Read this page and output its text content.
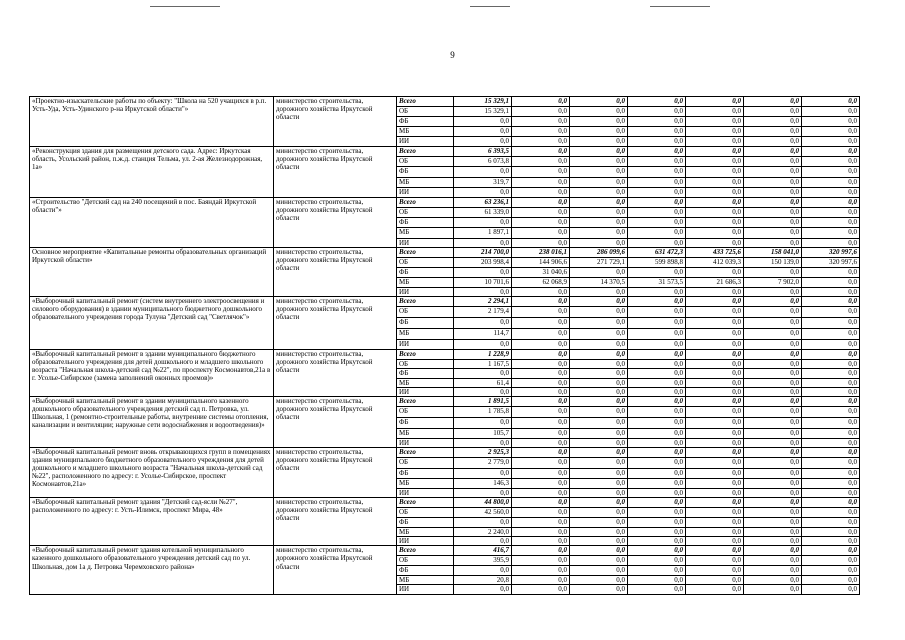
9
«Проектно-изыскательские работы по объекту: "Школа на 520 учащихся в р.п. Усть-Уда, Усть-Удинского р-на Иркутской области"»	министерство строительства, дорожного хозяйства Иркутской области	Всего	15 329,1	0,0	0,0	0,0	0,0	0,0	0,0
		ОБ	15 329,1	0,0	0,0	0,0	0,0	0,0	0,0
		ФБ	0,0	0,0	0,0	0,0	0,0	0,0	0,0
		МБ	0,0	0,0	0,0	0,0	0,0	0,0	0,0
		ИИ	0,0	0,0	0,0	0,0	0,0	0,0	0,0

«Реконструкция здания для размещения детского сада. Адрес: Иркутская область, Усольский район, п.ж.д. станция Тельма, ул. 2-ая Железнодорожная, 1а»	министерство строительства, дорожного хозяйства Иркутской области	Всего	6 393,5	0,0	0,0	0,0	0,0	0,0	0,0
		ОБ	6 073,8	0,0	0,0	0,0	0,0	0,0	0,0
		ФБ	0,0	0,0	0,0	0,0	0,0	0,0	0,0
		МБ	319,7	0,0	0,0	0,0	0,0	0,0	0,0
		ИИ	0,0	0,0	0,0	0,0	0,0	0,0	0,0

«Строительство "Детский сад на 240 посещений в пос. Баяндай Иркутской области"»	министерство строительства, дорожного хозяйства Иркутской области	Всего	63 236,1	0,0	0,0	0,0	0,0	0,0	0,0
		ОБ	61 339,0	0,0	0,0	0,0	0,0	0,0	0,0
		ФБ	0,0	0,0	0,0	0,0	0,0	0,0	0,0
		МБ	1 897,1	0,0	0,0	0,0	0,0	0,0	0,0
		ИИ	0,0	0,0	0,0	0,0	0,0	0,0	0,0

Основное мероприятие «Капитальные ремонты образовательных организаций Иркутской области»	министерство строительства, дорожного хозяйства Иркутской области	Всего	214 700,0	238 016,1	286 099,6	631 472,3	433 725,6	158 041,0	320 997,6
		ОБ	203 998,4	144 906,6	271 729,1	599 898,8	412 039,3	150 139,0	320 997,6
		ФБ	0,0	31 040,6	0,0	0,0	0,0	0,0	0,0
		МБ	10 701,6	62 068,9	14 370,5	31 573,5	21 686,3	7 902,0	0,0
		ИИ	0,0	0,0	0,0	0,0	0,0	0,0	0,0

«Выборочный капитальный ремонт (систем внутреннего электроосвещения и силового оборудования) в здании муниципального бюджетного дошкольного образовательного учреждения города Тулуна "Детский сад "Светлячок"»	министерство строительства, дорожного хозяйства Иркутской области	Всего	2 294,1	0,0	0,0	0,0	0,0	0,0	0,0
		ОБ	2 179,4	0,0	0,0	0,0	0,0	0,0	0,0
		ФБ	0,0	0,0	0,0	0,0	0,0	0,0	0,0
		МБ	114,7	0,0	0,0	0,0	0,0	0,0	0,0
		ИИ	0,0	0,0	0,0	0,0	0,0	0,0	0,0

«Выборочный капитальный ремонт в здании муниципального бюджетного образовательного учреждения для детей дошкольного и младшего школьного возраста "Начальная школа-детский сад №22", по проспекту Космонавтов,21а в г. Усолье-Сибирское (замена заполнений оконных проемов)»	министерство строительства, дорожного хозяйства Иркутской области	Всего	1 228,9	0,0	0,0	0,0	0,0	0,0	0,0
		ОБ	1 167,5	0,0	0,0	0,0	0,0	0,0	0,0
		ФБ	0,0	0,0	0,0	0,0	0,0	0,0	0,0
		МБ	61,4	0,0	0,0	0,0	0,0	0,0	0,0
		ИИ	0,0	0,0	0,0	0,0	0,0	0,0	0,0

«Выборочный капитальный ремонт в здании муниципального казенного дошкольного образовательного учреждения детский сад п. Петровка, ул. Школьная, 1 (ремонтно-строительные работы, внутренние системы отопления, канализации и вентиляции; наружные сети водоснабжения и водоотведения)»	министерство строительства, дорожного хозяйства Иркутской области	Всего	1 891,5	0,0	0,0	0,0	0,0	0,0	0,0
		ОБ	1 785,8	0,0	0,0	0,0	0,0	0,0	0,0
		ФБ	0,0	0,0	0,0	0,0	0,0	0,0	0,0
		МБ	105,7	0,0	0,0	0,0	0,0	0,0	0,0
		ИИ	0,0	0,0	0,0	0,0	0,0	0,0	0,0

«Выборочный капитальный ремонт вновь открывающихся групп в помещениях здания муниципального бюджетного образовательного учреждения для детей дошкольного и младшего школьного возраста "Начальная школа-детский сад №22", расположенного по адресу: г. Усолье-Сибирское, проспект Космонавтов,21а»	министерство строительства, дорожного хозяйства Иркутской области	Всего	2 925,3	0,0	0,0	0,0	0,0	0,0	0,0
		ОБ	2 779,0	0,0	0,0	0,0	0,0	0,0	0,0
		ФБ	0,0	0,0	0,0	0,0	0,0	0,0	0,0
		МБ	146,3	0,0	0,0	0,0	0,0	0,0	0,0
		ИИ	0,0	0,0	0,0	0,0	0,0	0,0	0,0

«Выборочный капитальный ремонт здания "Детский сад-ясли №27", расположенного по адресу: г. Усть-Илимск, проспект Мира, 48»	министерство строительства, дорожного хозяйства Иркутской области	Всего	44 800,0	0,0	0,0	0,0	0,0	0,0	0,0
		ОБ	42 560,0	0,0	0,0	0,0	0,0	0,0	0,0
		ФБ	0,0	0,0	0,0	0,0	0,0	0,0	0,0
		МБ	2 240,0	0,0	0,0	0,0	0,0	0,0	0,0
		ИИ	0,0	0,0	0,0	0,0	0,0	0,0	0,0

«Выборочный капитальный ремонт здания котельной муниципального казенного дошкольного образовательного учреждения детский сад по ул. Школьная, дом 1а д. Петровка Черемховского района»	министерство строительства, дорожного хозяйства Иркутской области	Всего	416,7	0,0	0,0	0,0	0,0	0,0	0,0
		ОБ	395,9	0,0	0,0	0,0	0,0	0,0	0,0
		ФБ	0,0	0,0	0,0	0,0	0,0	0,0	0,0
		МБ	20,8	0,0	0,0	0,0	0,0	0,0	0,0
		ИИ	0,0	0,0	0,0	0,0	0,0	0,0	0,0
